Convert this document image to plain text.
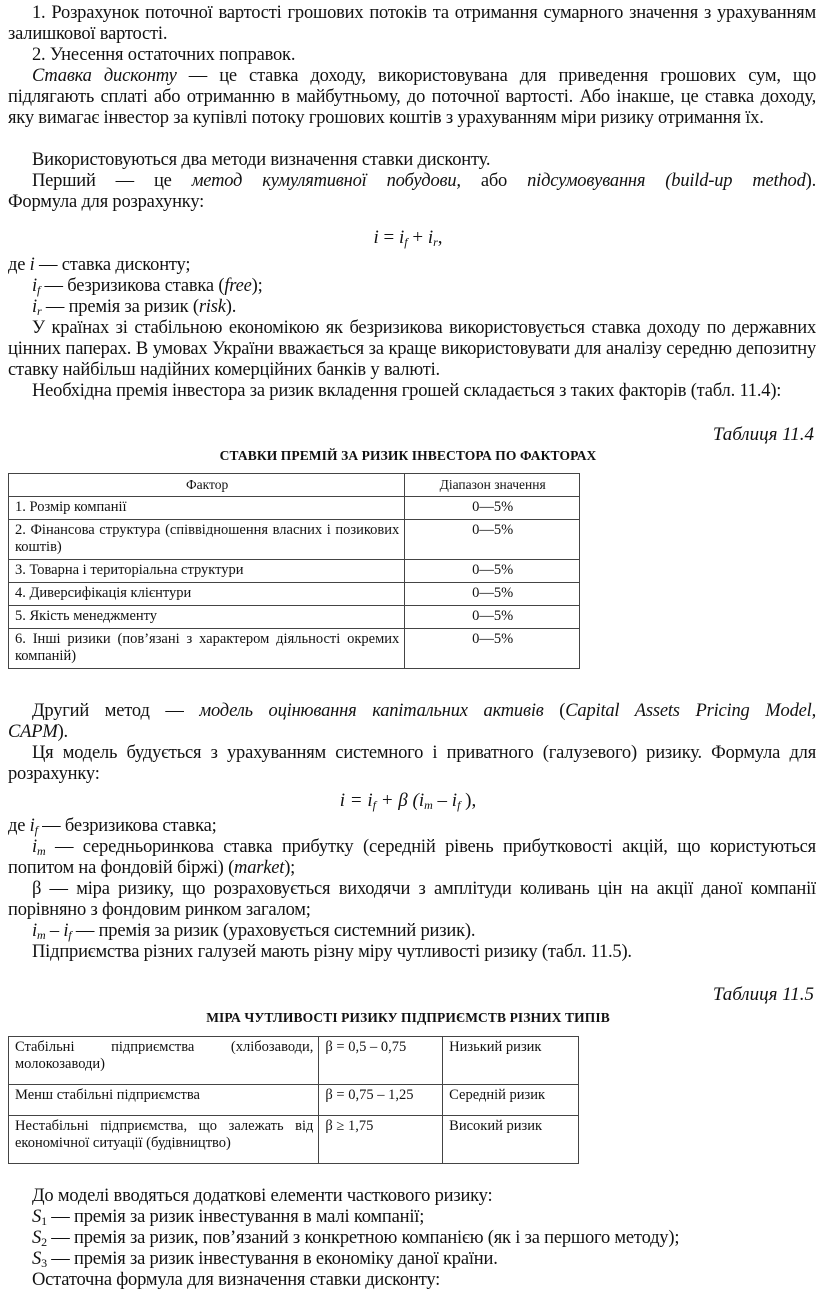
1. Розрахунок поточної вартості грошових потоків та отримання сумарного значення з урахуванням залишкової вартості.
2. Унесення остаточних поправок.
Ставка дисконту — це ставка доходу, використовувана для приведення грошових сум, що підлягають сплаті або отриманню в майбутньому, до поточної вартості. Або інакше, це ставка доходу, яку вимагає інвестор за купівлі потоку грошових коштів з урахуванням міри ризику отримання їх.
Використовуються два методи визначення ставки дисконту.
Перший — це метод кумулятивної побудови, або підсумовування (build-up method).
Формула для розрахунку:
$i = i_f + i_r$,
де i — ставка дисконту;
$i_f$ — безризикова ставка (free);
$i_r$ — премія за ризик (risk).
У країнах зі стабільною економікою як безризикова використовується ставка доходу по державних цінних паперах. В умовах України вважається за краще використовувати для аналізу середню депозитну ставку найбільш надійних комерційних банків у валюті.
Необхідна премія інвестора за ризик вкладення грошей складається з таких факторів (табл. 11.4):
Таблиця 11.4
СТАВКИ ПРЕМІЙ ЗА РИЗИК ІНВЕСТОРА ПО ФАКТОРАХ
Фактор	Діапазон значення
1. Розмір компанії	0—5%
2. Фінансова структура (співвідношення власних і позикових коштів)	0—5%
3. Товарна і територіальна структури	0—5%
4. Диверсифікація клієнтури	0—5%
5. Якість менеджменту	0—5%
6. Інші ризики (пов’язані з характером діяльності окремих компаній)	0—5%
Другий метод — модель оцінювання капітальних активів (Capital Assets Pricing Model,
CAPM).
Ця модель будується з урахуванням системного і приватного (галузевого) ризику. Формула для розрахунку:
$i = i_f + \beta$ ($i_m - i_f$ ),
де $i_f$ — безризикова ставка;
$i_m$ — середньоринкова ставка прибутку (середній рівень прибутковості акцій, що користуються попитом на фондовій біржі) (market);
β — міра ризику, що розраховується виходячи з амплітуди коливань цін на акції даної компанії порівняно з фондовим ринком загалом;
$i_m - i_f$ — премія за ризик (ураховується системний ризик).
Підприємства різних галузей мають різну міру чутливості ризику (табл. 11.5).
Таблиця 11.5
МІРА ЧУТЛИВОСТІ РИЗИКУ ПІДПРИЄМСТВ РІЗНИХ ТИПІВ
Стабільні підприємства (хлібозаводи, молокозаводи)	β = 0,5 – 0,75	Низький ризик
Менш стабільні підприємства	β = 0,75 – 1,25	Середній ризик
Нестабільні підприємства, що залежать від економічної ситуації (будівництво)	β ≥ 1,75	Високий ризик
До моделі вводяться додаткові елементи часткового ризику:
$S_1$ — премія за ризик інвестування в малі компанії;
$S_2$ — премія за ризик, пов’язаний з конкретною компанією (як і за першого методу);
$S_3$ — премія за ризик інвестування в економіку даної країни.
Остаточна формула для визначення ставки дисконту:
